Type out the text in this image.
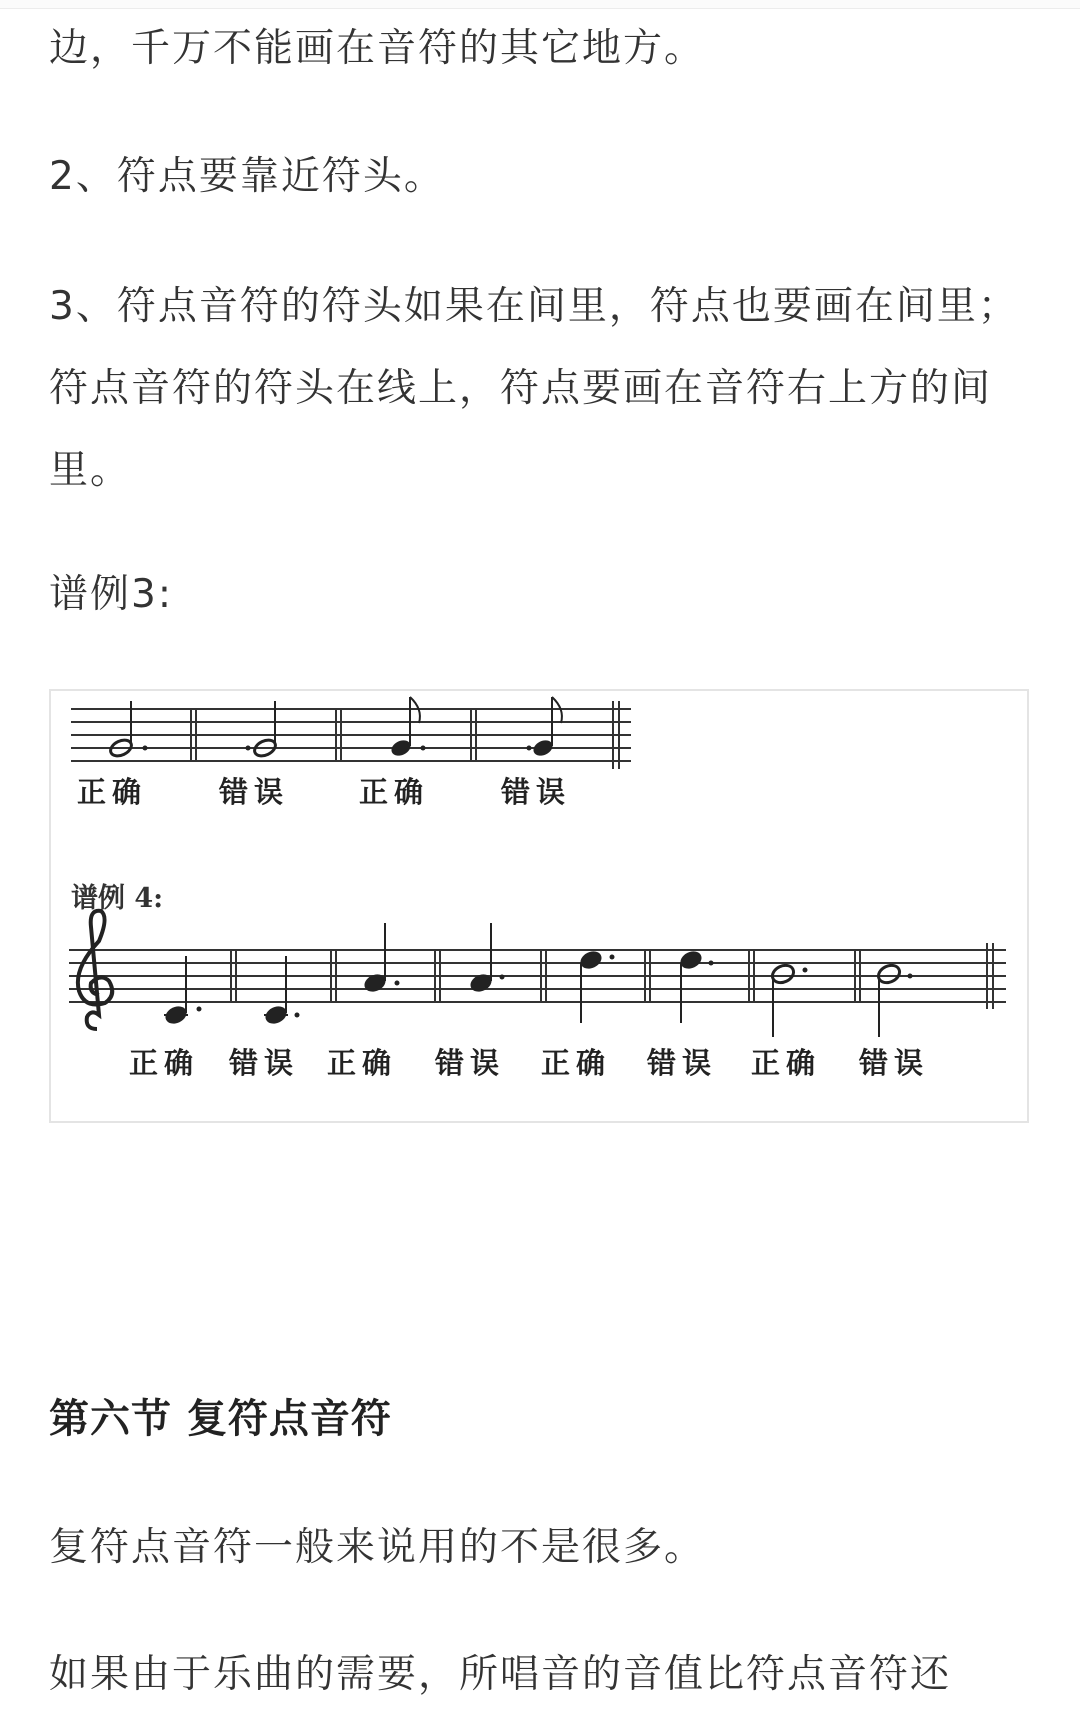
边，千万不能画在音符的其它地方。

2、符点要靠近符头。

3、符点音符的符头如果在间里，符点也要画在间里；符点音符的符头在线上，符点要画在音符右上方的间里。

谱例3:

正确 错误 正确 错误
谱例 4:
正确 错误 正确 错误 正确 错误 正确 错误
第六节 复符点音符

复符点音符一般来说用的不是很多。

如果由于乐曲的需要，所唱音的音值比符点音符还
